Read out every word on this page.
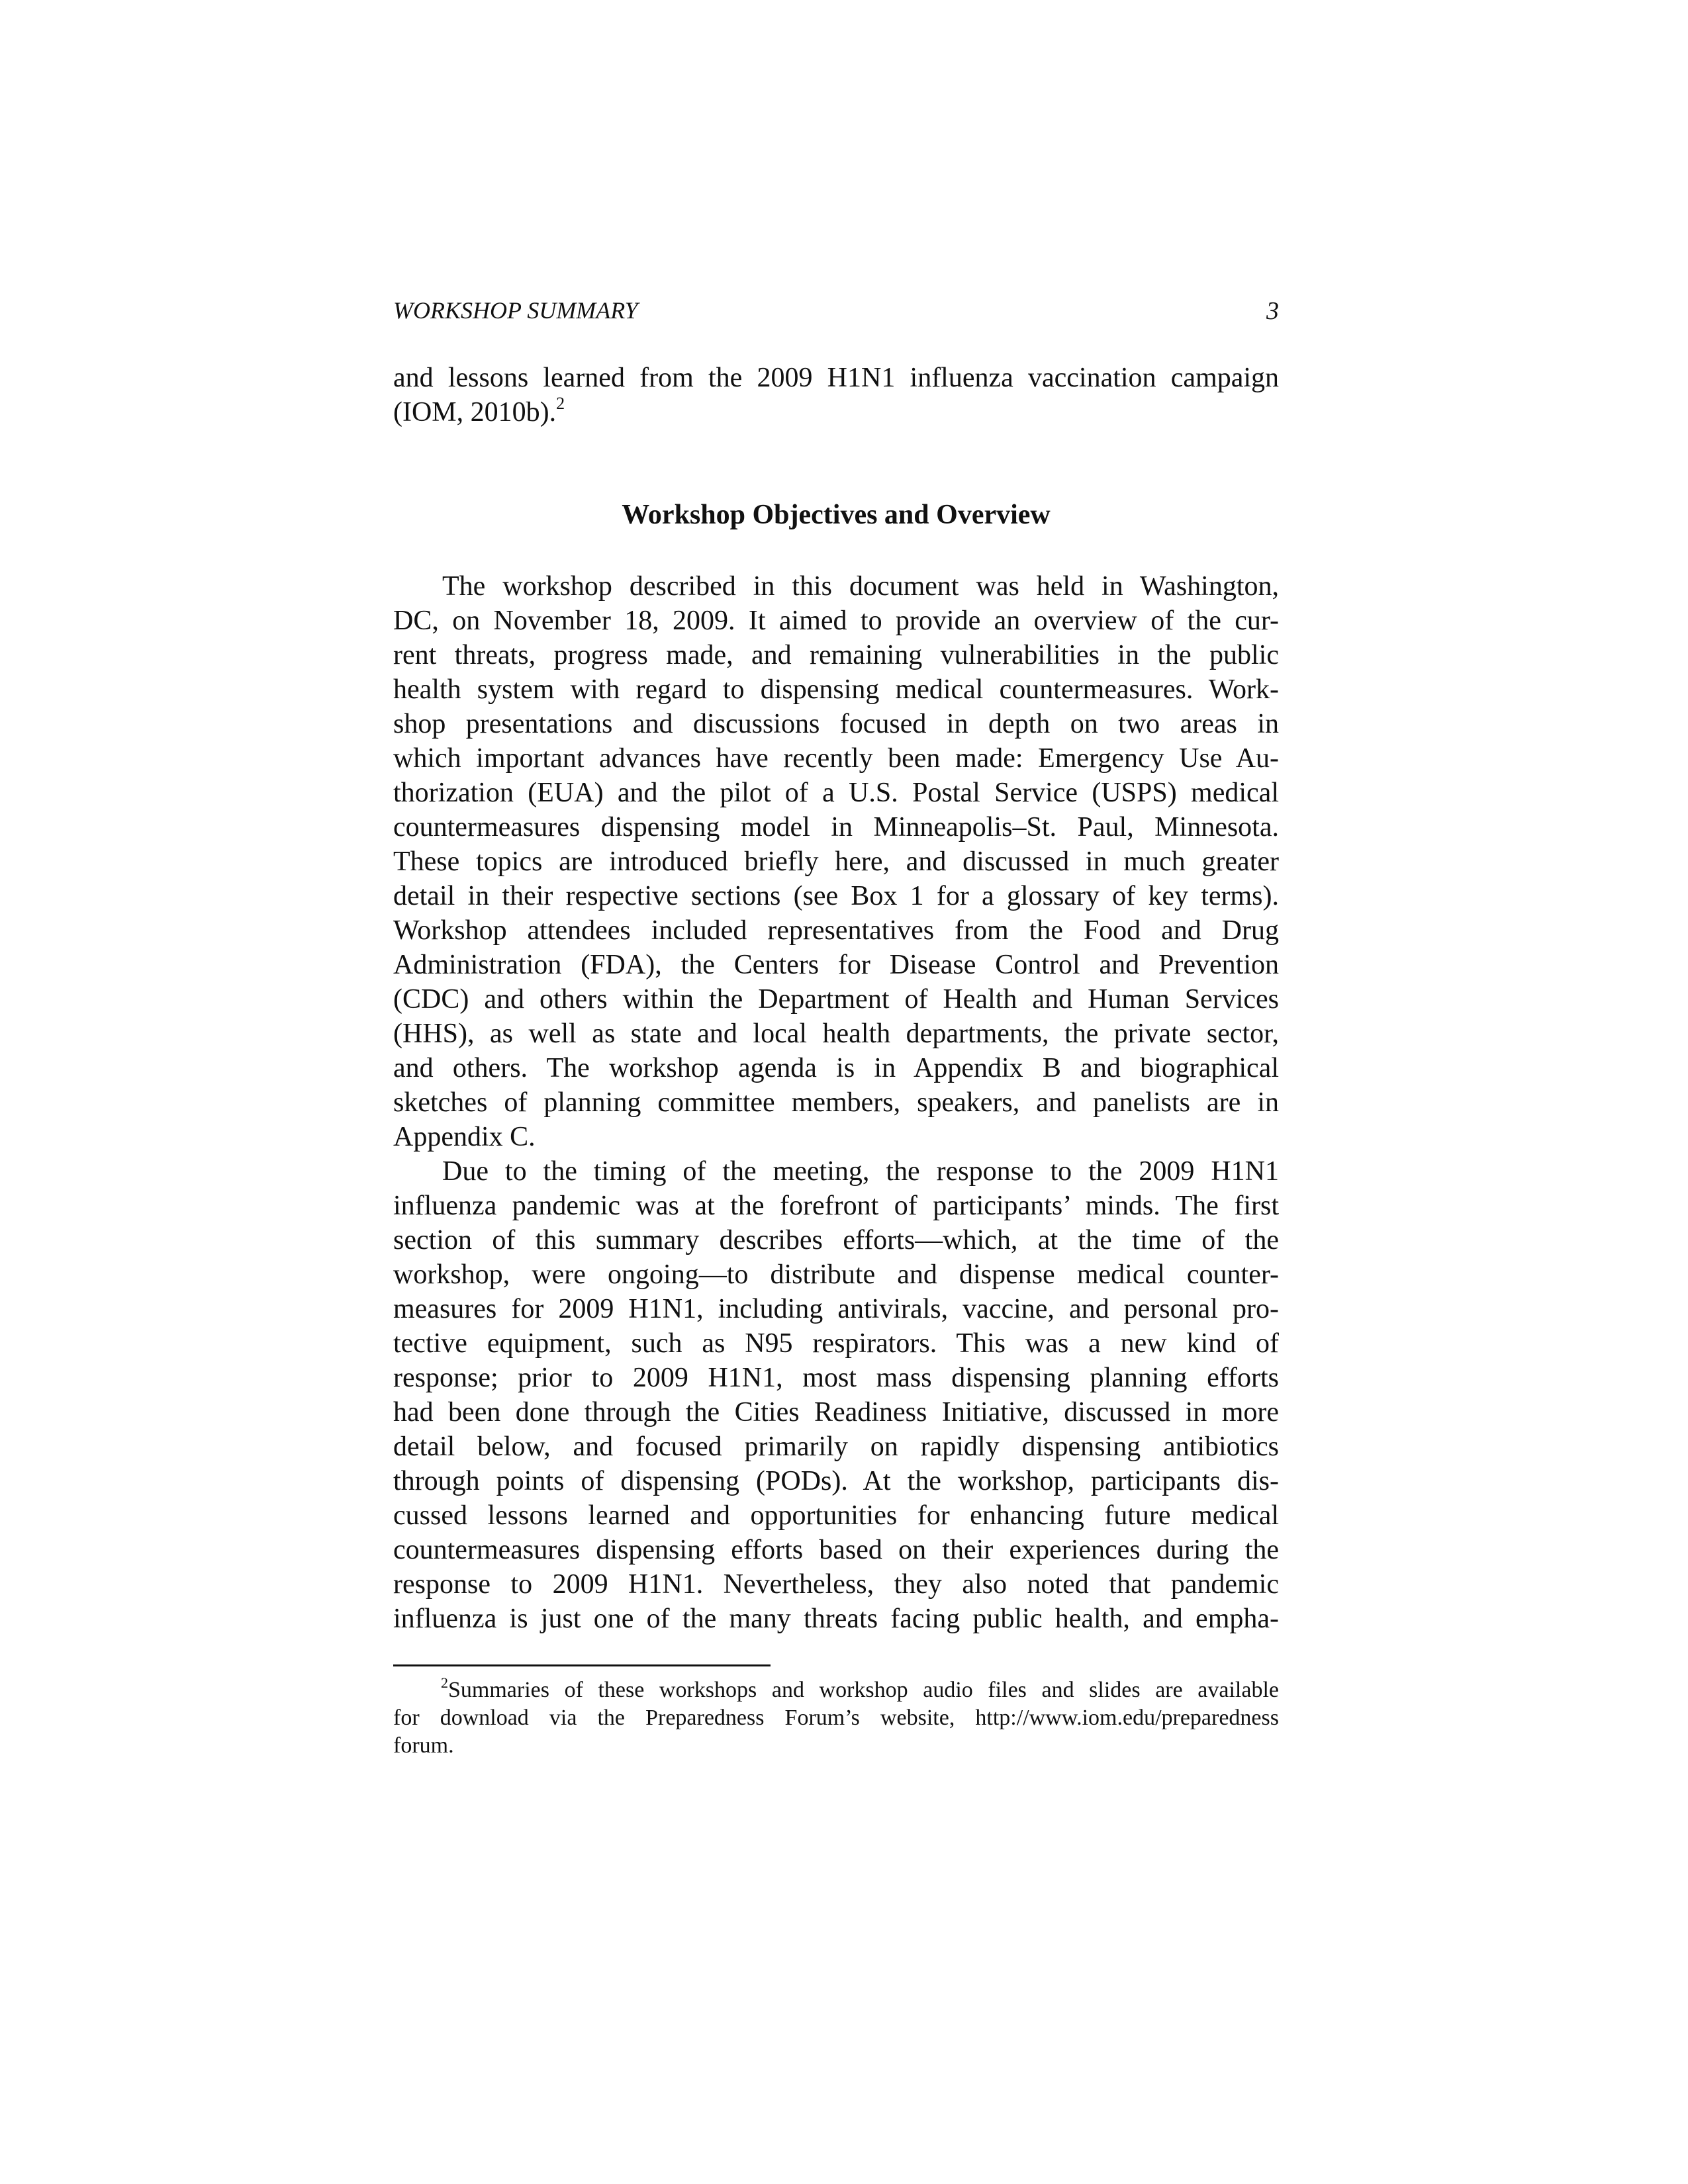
WORKSHOP SUMMARY	3
and lessons learned from the 2009 H1N1 influenza vaccination campaign
(IOM, 2010b).$^2$
Workshop Objectives and Overview
The workshop described in this document was held in Washington,
DC, on November 18, 2009. It aimed to provide an overview of the cur-
rent threats, progress made, and remaining vulnerabilities in the public
health system with regard to dispensing medical countermeasures. Work-
shop presentations and discussions focused in depth on two areas in
which important advances have recently been made: Emergency Use Au-
thorization (EUA) and the pilot of a U.S. Postal Service (USPS) medical
countermeasures dispensing model in Minneapolis–St. Paul, Minnesota.
These topics are introduced briefly here, and discussed in much greater
detail in their respective sections (see Box 1 for a glossary of key terms).
Workshop attendees included representatives from the Food and Drug
Administration (FDA), the Centers for Disease Control and Prevention
(CDC) and others within the Department of Health and Human Services
(HHS), as well as state and local health departments, the private sector,
and others. The workshop agenda is in Appendix B and biographical
sketches of planning committee members, speakers, and panelists are in
Appendix C.
Due to the timing of the meeting, the response to the 2009 H1N1
influenza pandemic was at the forefront of participants’ minds. The first
section of this summary describes efforts—which, at the time of the
workshop, were ongoing—to distribute and dispense medical counter-
measures for 2009 H1N1, including antivirals, vaccine, and personal pro-
tective equipment, such as N95 respirators. This was a new kind of
response; prior to 2009 H1N1, most mass dispensing planning efforts
had been done through the Cities Readiness Initiative, discussed in more
detail below, and focused primarily on rapidly dispensing antibiotics
through points of dispensing (PODs). At the workshop, participants dis-
cussed lessons learned and opportunities for enhancing future medical
countermeasures dispensing efforts based on their experiences during the
response to 2009 H1N1. Nevertheless, they also noted that pandemic
influenza is just one of the many threats facing public health, and empha-
$^2$Summaries of these workshops and workshop audio files and slides are available
for download via the Preparedness Forum’s website, http://www.iom.edu/preparedness
forum.
